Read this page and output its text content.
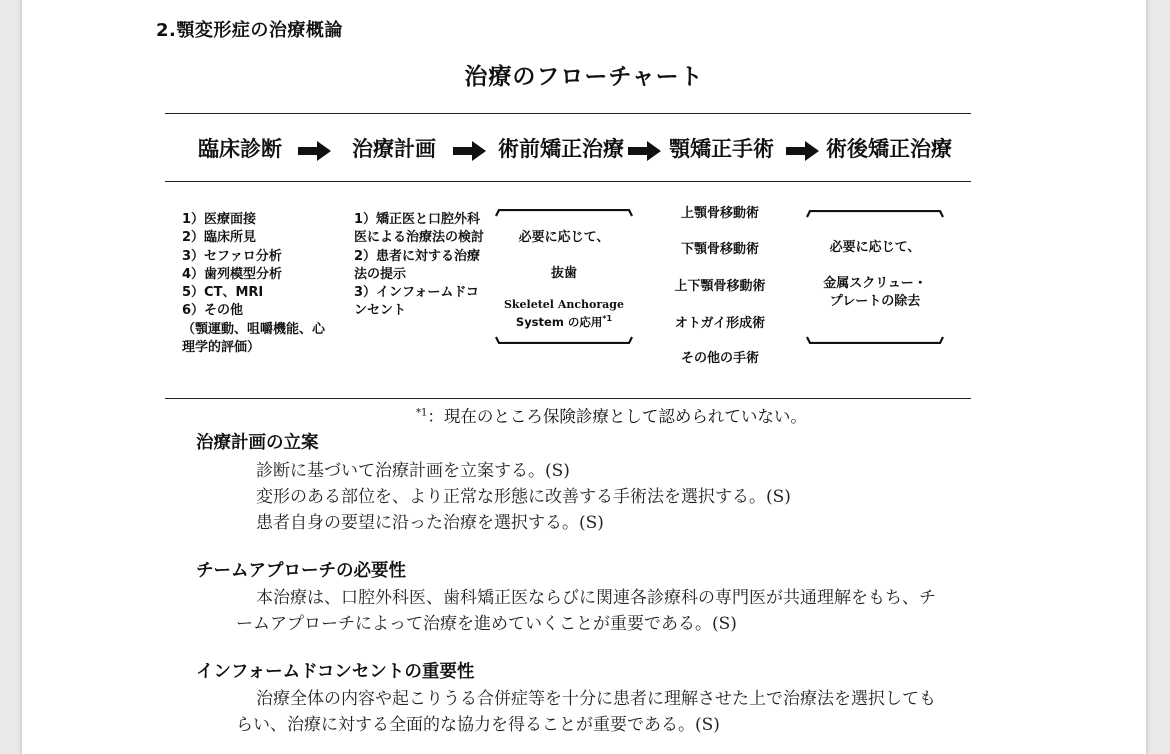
2.顎変形症の治療概論
治療のフローチャート
臨床診断	治療計画	術前矯正治療 顎矯正手術 術後矯正治療
1）医療面接
2）臨床所見
3）セファロ分析
4）歯列模型分析
5）CT、MRI
6）その他
（顎運動、咀嚼機能、心理学的評価）
1）矯正医と口腔外科医による治療法の検討
2）患者に対する治療法の提示
3）インフォームドコンセント
必要に応じて、
抜歯
Skeletel Anchorage
System の応用$^{*1}$
上顎骨移動術
下顎骨移動術
上下顎骨移動術
オトガイ形成術
その他の手術
必要に応じて、
金属スクリュー・
プレートの除去
$^{*1}$：現在のところ保険診療として認められていない。
治療計画の立案
診断に基づいて治療計画を立案する。(S)
変形のある部位を、より正常な形態に改善する手術法を選択する。(S)
患者自身の要望に沿った治療を選択する。(S)
チームアプローチの必要性
本治療は、口腔外科医、歯科矯正医ならびに関連各診療科の専門医が共通理解をもち、チ
ームアプローチによって治療を進めていくことが重要である。(S)
インフォームドコンセントの重要性
治療全体の内容や起こりうる合併症等を十分に患者に理解させた上で治療法を選択しても
らい、治療に対する全面的な協力を得ることが重要である。(S)
